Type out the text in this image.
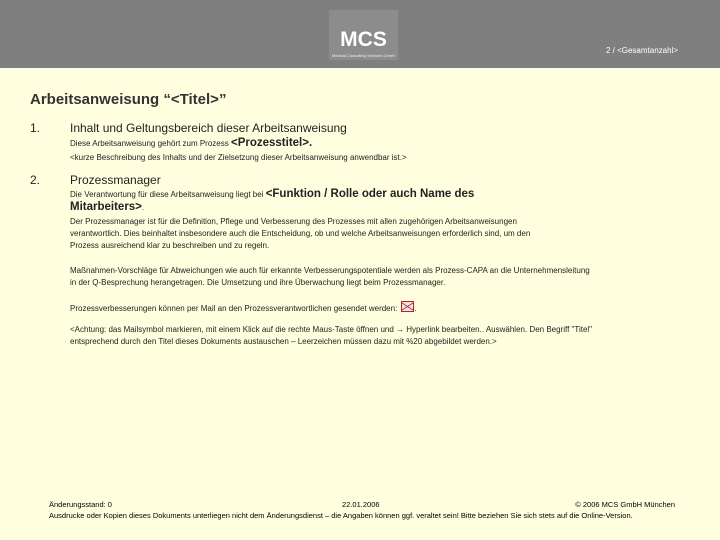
MCS
Medical Consulting Services GmbH
2 / <Gesamtanzahl>
Arbeitsanweisung “<Titel>”
1. Inhalt und Geltungsbereich dieser Arbeitsanweisung
Diese Arbeitsanweisung gehört zum Prozess <Prozesstitel>.
<kurze Beschreibung des Inhalts und der Zielsetzung dieser Arbeitsanweisung anwendbar ist.>
2. Prozessmanager
Die Verantwortung für diese Arbeitsanweisung liegt bei <Funktion / Rolle oder auch Name des Mitarbeiters>.
Der Prozessmanager ist für die Definition, Pflege und Verbesserung des Prozesses mit allen zugehörigen Arbeitsanweisungen verantwortlich. Dies beinhaltet insbesondere auch die Entscheidung, ob und welche Arbeitsanweisungen erforderlich sind, um den Prozess ausreichend klar zu beschreiben und zu regeln.
Maßnahmen-Vorschläge für Abweichungen wie auch für erkannte Verbesserungspotentiale werden als Prozess-CAPA an die Unternehmensleitung in der Q-Besprechung herangetragen. Die Umsetzung und ihre Überwachung liegt beim Prozessmanager.
Prozessverbesserungen können per Mail an den Prozessverantwortlichen gesendet werden: .
<Achtung: das Mailsymbol markieren, mit einem Klick auf die rechte Maus-Taste öffnen und → Hyperlink bearbeiten.. Auswählen. Den Begriff "Titel" entsprechend durch den Titel dieses Dokuments austauschen – Leerzeichen müssen dazu mit %20 abgebildet werden.>
Änderungsstand: 0	22.01.2006	© 2006 MCS GmbH München
Ausdrucke oder Kopien dieses Dokuments unterliegen nicht dem Änderungsdienst – die Angaben können ggf. veraltet sein! Bitte beziehen Sie sich stets auf die Online-Version.
